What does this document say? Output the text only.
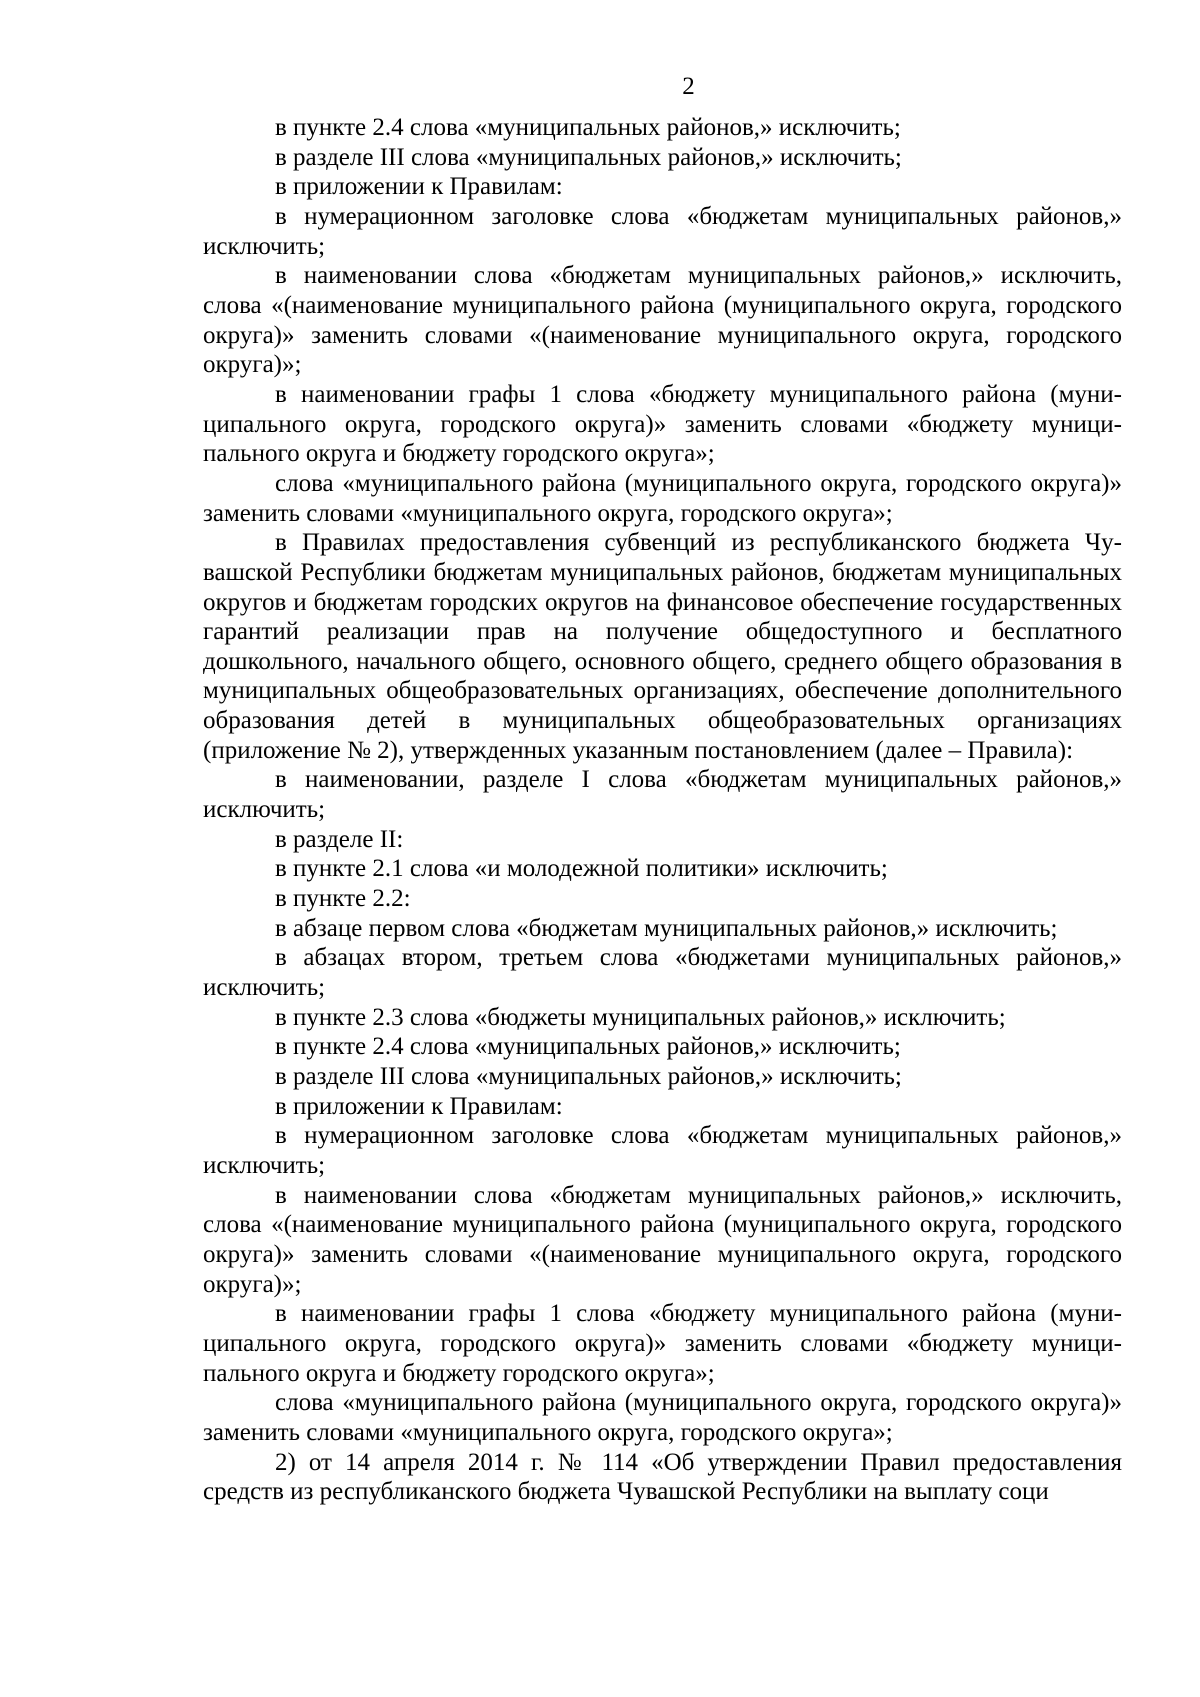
2

в пункте 2.4 слова «муниципальных районов,» исключить;

в разделе III слова «муниципальных районов,» исключить;

в приложении к Правилам:

в нумерационном заголовке слова «бюджетам муниципальных районов,» исключить;

в наименовании слова «бюджетам муниципальных районов,» исключить, слова «(наименование муниципального района (муниципального округа, городского округа)» заменить словами «(наименование муниципального округа, городского округа)»;

в наименовании графы 1 слова «бюджету муниципального района (муниципального округа, городского округа)» заменить словами «бюджету муниципального округа и бюджету городского округа»;

слова «муниципального района (муниципального округа, городского округа)» заменить словами «муниципального округа, городского округа»;

в Правилах предоставления субвенций из республиканского бюджета Чувашской Республики бюджетам муниципальных районов, бюджетам муниципальных округов и бюджетам городских округов на финансовое обеспечение государственных гарантий реализации прав на получение общедоступного и бесплатного дошкольного, начального общего, основного общего, среднего общего образования в муниципальных общеобразовательных организациях, обеспечение дополнительного образования детей в муниципальных общеобразовательных организациях (приложение № 2), утвержденных указанным постановлением (далее – Правила):

в наименовании, разделе I слова «бюджетам муниципальных районов,» исключить;

в разделе II:

в пункте 2.1 слова «и молодежной политики» исключить;

в пункте 2.2:

в абзаце первом слова «бюджетам муниципальных районов,» исключить;

в абзацах втором, третьем слова «бюджетами муниципальных районов,» исключить;

в пункте 2.3 слова «бюджеты муниципальных районов,» исключить;

в пункте 2.4 слова «муниципальных районов,» исключить;

в разделе III слова «муниципальных районов,» исключить;

в приложении к Правилам:

в нумерационном заголовке слова «бюджетам муниципальных районов,» исключить;

в наименовании слова «бюджетам муниципальных районов,» исключить, слова «(наименование муниципального района (муниципального округа, городского округа)» заменить словами «(наименование муниципального округа, городского округа)»;

в наименовании графы 1 слова «бюджету муниципального района (муниципального округа, городского округа)» заменить словами «бюджету муниципального округа и бюджету городского округа»;

слова «муниципального района (муниципального округа, городского округа)» заменить словами «муниципального округа, городского округа»;

2) от 14 апреля 2014 г. № 114 «Об утверждении Правил предоставления средств из республиканского бюджета Чувашской Республики на выплату соци
